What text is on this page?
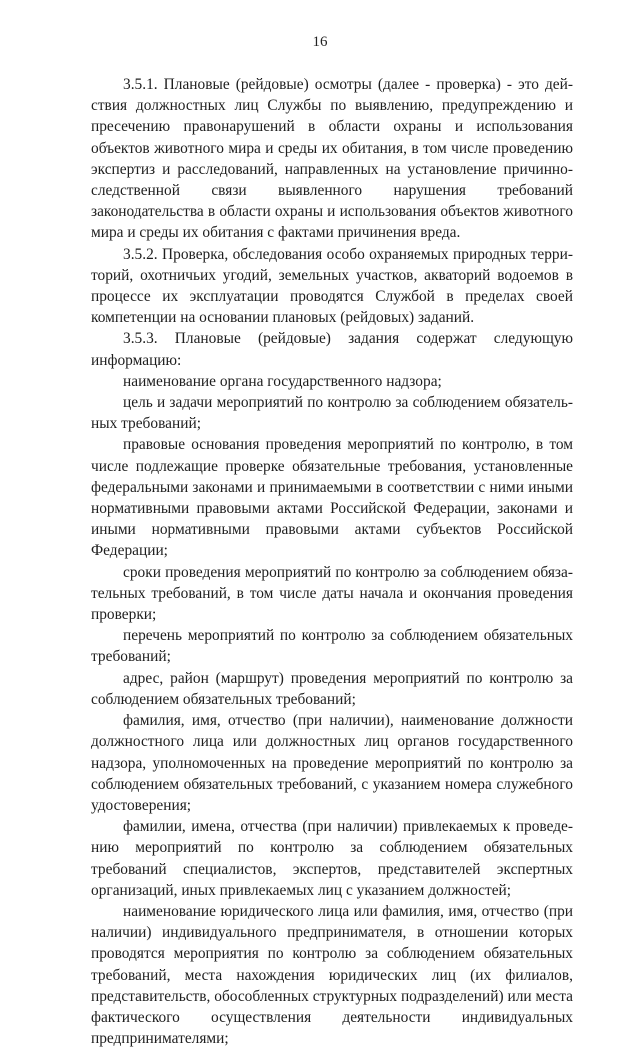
16

3.5.1. Плановые (рейдовые) осмотры (далее - проверка) - это действия должностных лиц Службы по выявлению, предупреждению и пресечению правонарушений в области охраны и использования объектов животного мира и среды их обитания, в том числе проведению экспертиз и расследований, направленных на установление причинно-следственной связи выявленного нарушения требований законодательства в области охраны и использования объектов животного мира и среды их обитания с фактами причинения вреда.

3.5.2. Проверка, обследования особо охраняемых природных территорий, охотничьих угодий, земельных участков, акваторий водоемов в процессе их эксплуатации проводятся Службой в пределах своей компетенции на основании плановых (рейдовых) заданий.

3.5.3. Плановые (рейдовые) задания содержат следующую информацию:

наименование органа государственного надзора;

цель и задачи мероприятий по контролю за соблюдением обязательных требований;

правовые основания проведения мероприятий по контролю, в том числе подлежащие проверке обязательные требования, установленные федеральными законами и принимаемыми в соответствии с ними иными нормативными правовыми актами Российской Федерации, законами и иными нормативными правовыми актами субъектов Российской Федерации;

сроки проведения мероприятий по контролю за соблюдением обязательных требований, в том числе даты начала и окончания проведения проверки;

перечень мероприятий по контролю за соблюдением обязательных требований;

адрес, район (маршрут) проведения мероприятий по контролю за соблюдением обязательных требований;

фамилия, имя, отчество (при наличии), наименование должности должностного лица или должностных лиц органов государственного надзора, уполномоченных на проведение мероприятий по контролю за соблюдением обязательных требований, с указанием номера служебного удостоверения;

фамилии, имена, отчества (при наличии) привлекаемых к проведению мероприятий по контролю за соблюдением обязательных требований специалистов, экспертов, представителей экспертных организаций, иных привлекаемых лиц с указанием должностей;

наименование юридического лица или фамилия, имя, отчество (при наличии) индивидуального предпринимателя, в отношении которых проводятся мероприятия по контролю за соблюдением обязательных требований, места нахождения юридических лиц (их филиалов, представительств, обособленных структурных подразделений) или места фактического осуществления деятельности индивидуальных предпринимателями;
